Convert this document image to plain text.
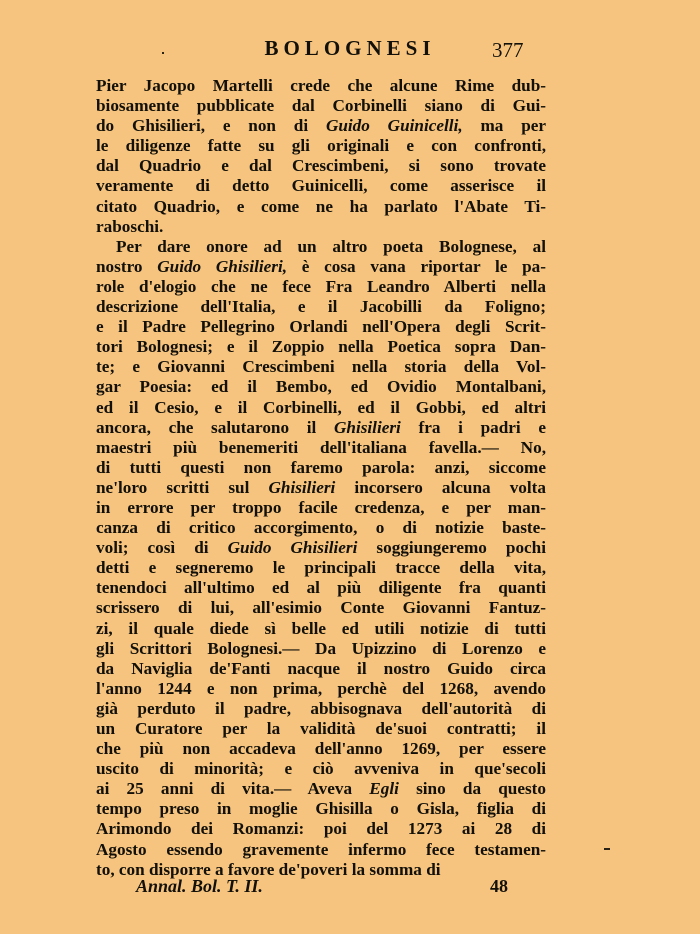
BOLOGNESI	377
Pier Jacopo Martelli crede che alcune Rime dub-
biosamente pubblicate dal Corbinelli siano di Gui-
do Ghisilieri, e non di Guido Guinicelli, ma per
le diligenze fatte su gli originali e con confronti,
dal Quadrio e dal Crescimbeni, si sono trovate
veramente di detto Guinicelli, come asserisce il
citato Quadrio, e come ne ha parlato l'Abate Ti-
raboschi.
Per dare onore ad un altro poeta Bolognese, al
nostro Guido Ghisilieri, è cosa vana riportar le pa-
role d'elogio che ne fece Fra Leandro Alberti nella
descrizione dell'Italia, e il Jacobilli da Foligno;
e il Padre Pellegrino Orlandi nell'Opera degli Scrit-
tori Bolognesi; e il Zoppio nella Poetica sopra Dan-
te; e Giovanni Crescimbeni nella storia della Vol-
gar Poesia: ed il Bembo, ed Ovidio Montalbani,
ed il Cesio, e il Corbinelli, ed il Gobbi, ed altri
ancora, che salutarono il Ghisilieri fra i padri e
maestri più benemeriti dell'italiana favella.— No,
di tutti questi non faremo parola: anzi, siccome
ne'loro scritti sul Ghisilieri incorsero alcuna volta
in errore per troppo facile credenza, e per man-
canza di critico accorgimento, o di notizie baste-
voli; così di Guido Ghisilieri soggiungeremo pochi
detti e segneremo le principali tracce della vita,
tenendoci all'ultimo ed al più diligente fra quanti
scrissero di lui, all'esimio Conte Giovanni Fantuz-
zi, il quale diede sì belle ed utili notizie di tutti
gli Scrittori Bolognesi.— Da Upizzino di Lorenzo e
da Naviglia de'Fanti nacque il nostro Guido circa
l'anno 1244 e non prima, perchè del 1268, avendo
già perduto il padre, abbisognava dell'autorità di
un Curatore per la validità de'suoi contratti; il
che più non accadeva dell'anno 1269, per essere
uscito di minorità; e ciò avveniva in que'secoli
ai 25 anni di vita.— Aveva Egli sino da questo
tempo preso in moglie Ghisilla o Gisla, figlia di
Arimondo dei Romanzi: poi del 1273 ai 28 di
Agosto essendo gravemente infermo fece testamen-
to, con disporre a favore de'poveri la somma di
Annal. Bol. T. II.	48
